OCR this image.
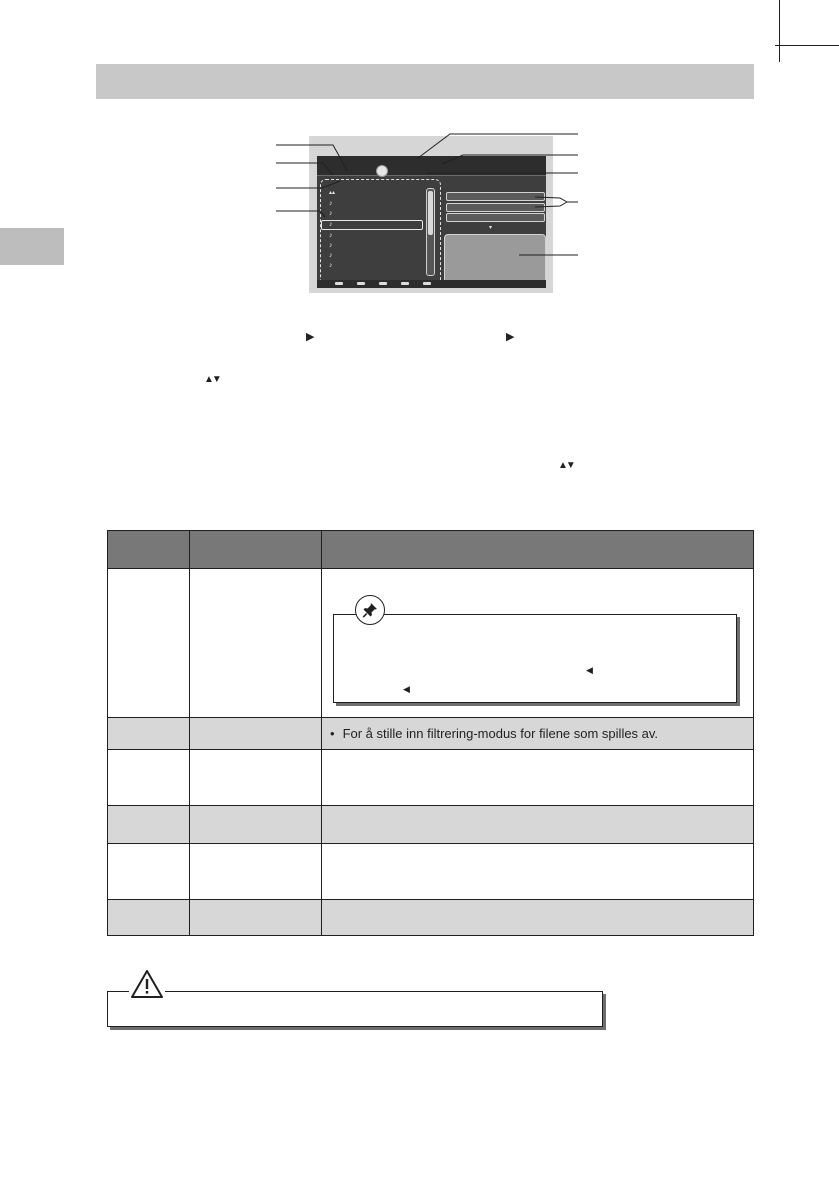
▴▴
♪
♪
♪
♪
♪
♪
♪
▾
▶	▶
▲▼
▲▼

		• For å stille inn filtrering-modus for filene som spilles av.

◀
◀
